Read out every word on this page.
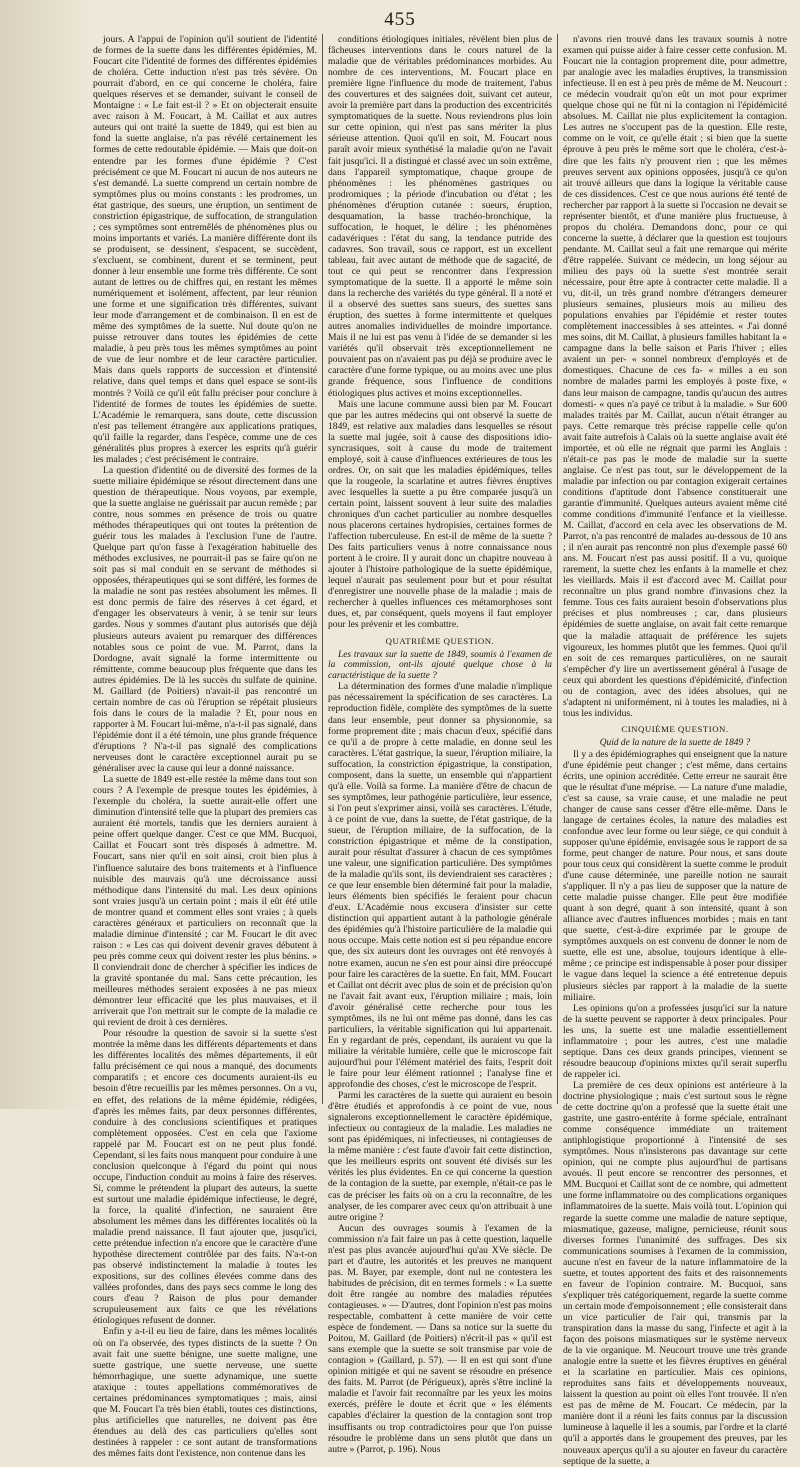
455

jours. A l'appui de l'opinion qu'il soutient de l'identité de formes de la suette dans les différentes épidémies, M. Foucart cite l'identité de formes des différentes épidémies de choléra. Cette induction n'est pas très sévère. On pourrait d'abord, en ce qui concerne le choléra, faire quelques réserves et se demander, suivant le conseil de Montaigne : « Le fait est-il ? » Et on objecterait ensuite avec raison à M. Foucart, à M. Caillat et aux autres auteurs qui ont traité la suette de 1849, qui est bien au fond la suette anglaise, n'a pas révélé certainement les formes de cette redoutable épidémie. — Mais que doit-on entendre par les formes d'une épidémie ? C'est précisément ce que M. Foucart ni aucun de nos auteurs ne s'est demandé. La suette comprend un certain nombre de symptômes plus ou moins constants : les prodromes, un état gastrique, des sueurs, une éruption, un sentiment de constriction épigastrique, de suffocation, de strangulation ; ces symptômes sont entremêlés de phénomènes plus ou moins importants et variés. La manière différente dont ils se produisent, se dessinent, s'espacent, se succèdent, s'excluent, se combinent, durent et se terminent, peut donner à leur ensemble une forme très différente. Ce sont autant de lettres ou de chiffres qui, en restant les mêmes numériquement et isolément, affectent, par leur réunion une forme et une signification très différentes, suivant leur mode d'arrangement et de combinaison. Il en est de même des symptômes de la suette. Nul doute qu'on ne puisse retrouver dans toutes les épidémies de cette maladie, à peu près tous les mêmes symptômes au point de vue de leur nombre et de leur caractère particulier. Mais dans quels rapports de succession et d'intensité relative, dans quel temps et dans quel espace se sont-ils montrés ? Voilà ce qu'il eût fallu préciser pour conclure à l'identité de formes de toutes les épidémies de suette. L'Académie le remarquera, sans doute, cette discussion n'est pas tellement étrangère aux applications pratiques, qu'il faille la regarder, dans l'espèce, comme une de ces généralités plus propres à exercer les esprits qu'à guérir les malades ; c'est précisément le contraire.

La question d'identité ou de diversité des formes de la suette miliaire épidémique se résout directement dans une question de thérapeutique. Nous voyons, par exemple, que la suette anglaise ne guérissait par aucun remède ; par contre, nous sommes en présence de trois ou quatre méthodes thérapeutiques qui ont toutes la prétention de guérir tous les malades à l'exclusion l'une de l'autre. Quelque part qu'on fasse à l'exagération habituelle des méthodes exclusives, ne pourrait-il pas se faire qu'on ne soit pas si mal conduit en se servant de méthodes si opposées, thérapeutiques qui se sont différé, les formes de la maladie ne sont pas restées absolument les mêmes. Il est donc permis de faire des réserves à cet égard, et d'engager les observateurs à venir, à se tenir sur leurs gardes. Nous y sommes d'autant plus autorisés que déjà plusieurs auteurs avaient pu remarquer des différences notables sous ce point de vue. M. Parrot, dans la Dordogne, avait signalé la forme intermittente ou rémittente, comme beaucoup plus fréquente que dans les autres épidémies. De là les succès du sulfate de quinine. M. Gaillard (de Poitiers) n'avait-il pas rencontré un certain nombre de cas où l'éruption se répétait plusieurs fois dans le cours de la maladie ? Et, pour nous en rapporter à M. Foucart lui-même, n'a-t-il pas signalé, dans l'épidémie dont il a été témoin, une plus grande fréquence d'éruptions ? N'a-t-il pas signalé des complications nerveuses dont le caractère exceptionnel aurait pu se généraliser avec la cause qui leur a donné naissance.

La suette de 1849 est-elle restée la même dans tout son cours ? A l'exemple de presque toutes les épidémies, à l'exemple du choléra, la suette aurait-elle offert une diminution d'intensité telle que la plupart des premiers cas auraient été mortels, tandis que les derniers auraient à peine offert quelque danger. C'est ce que MM. Bucquoi, Caillat et Foucart sont très disposés à admettre. M. Foucart, sans nier qu'il en soit ainsi, croit bien plus à l'influence salutaire des bons traitements et à l'influence nuisible des mauvais qu'à une décroissance aussi méthodique dans l'intensité du mal. Les deux opinions sont vraies jusqu'à un certain point ; mais il eût été utile de montrer quand et comment elles sont vraies ; à quels caractères généraux et particuliers on reconnaît que la maladie diminue d'intensité ; car M. Foucart le dit avec raison : « Les cas qui doivent devenir graves débutent à peu près comme ceux qui doivent rester les plus bénins. » Il conviendrait donc de chercher à spécifier les indices de la gravité spontanée du mal. Sans cette précaution, les meilleures méthodes seraient exposées à ne pas mieux démontrer leur efficacité que les plus mauvaises, et il arriverait que l'on mettrait sur le compte de la maladie ce qui revient de droit à ces dernières.

Pour résoudre la question de savoir si la suette s'est montrée la même dans les différents départements et dans les différentes localités des mêmes départements, il eût fallu précisément ce qui nous a manqué, des documents comparatifs ; et encore ces documents auraient-ils eu besoin d'être recueillis par les mêmes personnes. On a vu, en effet, des relations de la même épidémie, rédigées, d'après les mêmes faits, par deux personnes différentes, conduire à des conclusions scientifiques et pratiques complètement opposées. C'est en cela que l'axiome rappelé par M. Foucart est on ne peut plus fondé. Cependant, si les faits nous manquent pour conduire à une conclusion quelconque à l'égard du point qui nous occupe, l'induction conduit au moins à faire des réserves. Si, comme le prétendent la plupart des auteurs, la suette est surtout une maladie épidémique infectieuse, le degré, la force, la qualité d'infection, ne sauraient être absolument les mêmes dans les différentes localités où la maladie prend naissance. Il faut ajouter que, jusqu'ici, cette prétendue infection n'a encore que le caractère d'une hypothèse directement contrôlée par des faits. N'a-t-on pas observé indistinctement la maladie à toutes les expositions, sur des collines élevées comme dans des vallées profondes, dans des pays secs comme le long des cours d'eau ? Raison de plus pour demander scrupuleusement aux faits ce que les révélations étiologiques refusent de donner.

Enfin y a-t-il eu lieu de faire, dans les mêmes localités où on l'a observée, des types distincts de la suette ? On avait fait une suette bénigne, une suette maligne, une suette gastrique, une suette nerveuse, une suette hémorrhagique, une suette adynamique, une suette ataxique : toutes appellations commémoratives de certaines prédominances symptomatiques ; mais, ainsi que M. Foucart l'a très bien établi, toutes ces distinctions, plus artificielles que naturelles, ne doivent pas être étendues au delà des cas particuliers qu'elles sont destinées à rappeler : ce sont autant de transformations des mêmes faits dont l'existence, non contenue dans les

conditions étiologiques initiales, révèlent bien plus de fâcheuses interventions dans le cours naturel de la maladie que de véritables prédominances morbides. Au nombre de ces interventions, M. Foucart place en première ligne l'influence du mode de traitement, l'abus des couvertures et des saignées doit, suivant cet auteur, avoir la première part dans la production des excentricités symptomatiques de la suette. Nous reviendrons plus loin sur cette opinion, qui n'est pas sans mériter la plus sérieuse attention. Quoi qu'il en soit, M. Foucart nous paraît avoir mieux synthétisé la maladie qu'on ne l'avait fait jusqu'ici. Il a distingué et classé avec un soin extrême, dans l'appareil symptomatique, chaque groupe de phénomènes : les phénomènes gastriques ou prodromiques ; la période d'incubation ou d'état ; les phénomènes d'éruption cutanée : sueurs, éruption, desquamation, la basse trachéo-bronchique, la suffocation, le hoquet, le délire ; les phénomènes cadavériques : l'état du sang, la tendance putride des cadavres. Son travail, sous ce rapport, est un excellent tableau, fait avec autant de méthode que de sagacité, de tout ce qui peut se rencontrer dans l'expression symptomatique de la suette. Il a apporté le même soin dans la recherche des variétés du type général. Il a noté et il a observé des suettes sans sueurs, des suettes sans éruption, des suettes à forme intermittente et quelques autres anomalies individuelles de moindre importance. Mais il ne lui est pas venu à l'idée de se demander si les variétés qu'il observait très exceptionnellement ne pouvaient pas on n'avaient pas pu déjà se produire avec le caractère d'une forme typique, ou au moins avec une plus grande fréquence, sous l'influence de conditions étiologiques plus actives et moins exceptionnelles.

Mais une lacune commune aussi bien par M. Foucart que par les autres médecins qui ont observé la suette de 1849, est relative aux maladies dans lesquelles se résout la suette mal jugée, soit à cause des dispositions idio-syncrasiques, soit à cause du mode de traitement employé, soit à cause d'influences extérieures de tous les ordres. Or, on sait que les maladies épidémiques, telles que la rougeole, la scarlatine et autres fièvres éruptives avec lesquelles la suette a pu être comparée jusqu'à un certain point, laissent souvent à leur suite des maladies chroniques d'un cachet particulier au nombre desquelles nous placerons certaines hydropisies, certaines formes de l'affection tuberculeuse. En est-il de même de la suette ? Des faits particuliers venus à notre connaissance nous portent à le croire. Il y aurait donc un chapitre nouveau à ajouter à l'histoire pathologique de la suette épidémique, lequel n'aurait pas seulement pour but et pour résultat d'enregistrer une nouvelle phase de la maladie ; mais de rechercher à quelles influences ces métamorphoses sont dues, et, par conséquent, quels moyens il faut employer pour les prévenir et les combattre.

QUATRIÈME QUESTION.

Les travaux sur la suette de 1849, soumis à l'examen de la commission, ont-ils ajouté quelque chose à la caractéristique de la suette ?

La détermination des formes d'une maladie n'implique pas nécessairement la spécification de ses caractères. La reproduction fidèle, complète des symptômes de la suette dans leur ensemble, peut donner sa physionomie, sa forme proprement dite ; mais chacun d'eux, spécifié dans ce qu'il a de propre à cette maladie, en donne seul les caractères. L'état gastrique, la sueur, l'éruption miliaire, la suffocation, la constriction épigastrique, la constipation, composent, dans la suette, un ensemble qui n'appartient qu'à elle. Voilà sa forme. La manière d'être de chacun de ses symptômes, leur pathogénie particulière, leur essence, si l'on peut s'exprimer ainsi, voilà ses caractères. L'étude, à ce point de vue, dans la suette, de l'état gastrique, de la sueur, de l'éruption miliaire, de la suffocation, de la constriction épigastrique et même de la constipation, aurait pour résultat d'assurer à chacun de ces symptômes une valeur, une signification particulière. Des symptômes de la maladie qu'ils sont, ils deviendraient ses caractères ; ce que leur ensemble bien déterminé fait pour la maladie, leurs éléments bien spécifiés le feraient pour chacun d'eux. L'Académie nous excusera d'insister sur cette distinction qui appartient autant à la pathologie générale des épidémies qu'à l'histoire particulière de la maladie qui nous occupe. Mais cette notion est si peu répandue encore que, des six auteurs dont les ouvrages ont été renvoyés à notre examen, aucun ne s'en est pour ainsi dire préoccupé pour faire les caractères de la suette. En fait, MM. Foucart et Caillat ont décrit avec plus de soin et de précision qu'on ne l'avait fait avant eux, l'éruption miliaire ; mais, loin d'avoir généralisé cette recherche pour tous les symptômes, ils ne lui ont même pas donné, dans les cas particuliers, la véritable signification qui lui appartenait. En y regardant de près, cependant, ils auraient vu que la miliaire la véritable lumière, celle que le microscope fait aujourd'hui pour l'élément matériel des faits, l'esprit doit le faire pour leur élément rationnel ; l'analyse fine et approfondie des choses, c'est le microscope de l'esprit.

Parmi les caractères de la suette qui auraient eu besoin d'être étudiés et approfondis à ce point de vue, nous signalerons exceptionnellement le caractère épidémique, infectieux ou contagieux de la maladie. Les maladies ne sont pas épidémiques, ni infectieuses, ni contagieuses de la même manière : c'est faute d'avoir fait cette distinction, que les meilleurs esprits ont souvent été divisés sur les vérités les plus évidentes. En ce qui concerne la question de la contagion de la suette, par exemple, n'était-ce pas le cas de préciser les faits où on a cru la reconnaître, de les analyser, de les comparer avec ceux qu'on attribuait à une autre origine ?

Aucun des ouvrages soumis à l'examen de la commission n'a fait faire un pas à cette question, laquelle n'est pas plus avancée aujourd'hui qu'au XVe siècle. De part et d'autre, les autorités et les preuves ne manquent pas. M. Bayer, par exemple, dont nul ne contestera les habitudes de précision, dit en termes formels : « La suette doit être rangée au nombre des maladies réputées contagieuses. » — D'autres, dont l'opinion n'est pas moins respectable, combattent à cette manière de voir cette espèce de fondement. — Dans sa notice sur la suette du Poitou, M. Gaillard (de Poitiers) n'écrit-il pas « qu'il est sans exemple que la suette se soit transmise par voie de contagion » (Gaillard, p. 57). — Il en est qui sont d'une opinion mitigée et qui ne savent se résoudre en présence des faits. M. Parrot (de Périgueux), après s'être incliné la maladie et l'avoir fait reconnaître par les yeux les moins exercés, préfère le doute et écrit que « les éléments capables d'éclairer la question de la contagion sont trop insuffisants ou trop contradictoires pour que l'on puisse résoudre le problème dans un sens plutôt que dans un autre » (Parrot, p. 196). Nous

n'avons rien trouvé dans les travaux soumis à notre examen qui puisse aider à faire cesser cette confusion. M. Foucart nie la contagion proprement dite, pour admettre, par analogie avec les maladies éruptives, la transmission infectieuse. Il en est à peu près de même de M. Neucourt : ce médecin voudrait qu'on eût un mot pour exprimer quelque chose qui ne fût ni la contagion ni l'épidémicité absolues. M. Caillat nie plus explicitement la contagion. Les autres ne s'occupent pas de la question. Elle reste, comme on le voit, ce qu'elle était ; si bien que la suette éprouve à peu près le même sort que le choléra, c'est-à-dire que les faits n'y prouvent rien ; que les mêmes preuves servent aux opinions opposées, jusqu'à ce qu'on ait trouvé ailleurs que dans la logique la véritable cause de ces dissidences. C'est ce que nous aurions été tenté de rechercher par rapport à la suette si l'occasion ne devait se représenter bientôt, et d'une manière plus fructueuse, à propos du choléra. Demandons donc, pour ce qui concerne la suette, à déclarer que la question est toujours pendante. M. Caillat seul a fait une remarque qui mérite d'être rappelée. Suivant ce médecin, un long séjour au milieu des pays où la suette s'est montrée serait nécessaire, pour être apte à contracter cette maladie. Il a vu, dit-il, un très grand nombre d'étrangers demeurer plusieurs semaines, plusieurs mois au milieu des populations envahies par l'épidémie et rester toutes complètement inaccessibles à ses atteintes. « J'ai donné mes soins, dit M. Caillat, à plusieurs familles habitant la « campagne dans la belle saison et Paris l'hiver ; elles avaient un per- « sonnel nombreux d'employés et de domestiques. Chacune de ces fa- « milles a eu son nombre de malades parmi les employés à poste fixe, « dans leur maison de campagne, tandis qu'aucun des autres domesti- « ques n'a payé ce tribut à la maladie. » Sur 600 malades traités par M. Caillat, aucun n'était étranger au pays. Cette remarque très précise rappelle celle qu'on avait faite autrefois à Calais où la suette anglaise avait été importée, et où elle ne régnait que parmi les Anglais : n'était-ce pas pas le mode de maladie sur la suette anglaise. Ce n'est pas tout, sur le développement de la maladie par infection ou par contagion exigerait certaines conditions d'aptitude dont l'absence constituerait une garantie d'immunité. Quelques auteurs avaient même cité comme conditions d'immunité l'enfance et la vieillesse. M. Caillat, d'accord en cela avec les observations de M. Parrot, n'a pas rencontré de malades au-dessous de 10 ans ; il n'en aurait pas rencontré non plus d'exemple passé 60 ans. M. Foucart n'est pas aussi positif. Il a vu, quoique rarement, la suette chez les enfants à la mamelle et chez les vieillards. Mais il est d'accord avec M. Caillat pour reconnaître un plus grand nombre d'invasions chez la femme. Tous ces faits auraient besoin d'observations plus précises et plus nombreuses ; car, dans plusieurs épidémies de suette anglaise, on avait fait cette remarque que la maladie attaquait de préférence les sujets vigoureux, les hommes plutôt que les femmes. Quoi qu'il en soit de ces remarques particulières, on ne saurait s'empêcher d'y lire un avertissement général à l'usage de ceux qui abordent les questions d'épidémicité, d'infection ou de contagion, avec des idées absolues, qui ne s'adaptent ni uniformément, ni à toutes les maladies, ni à tous les individus.

CINQUIÈME QUESTION.

Quid de la nature de la suette de 1849 ?

Il y a des épidémiographes qui enseignent que la nature d'une épidémie peut changer ; c'est même, dans certains écrits, une opinion accréditée. Cette erreur ne saurait être que le résultat d'une méprise. — La nature d'une maladie, c'est sa cause, sa vraie cause, et une maladie ne peut changer de cause sans cesser d'être elle-même. Dans le langage de certaines écoles, la nature des maladies est confondue avec leur forme ou leur siège, ce qui conduit à supposer qu'une épidémie, envisagée sous le rapport de sa forme, peut changer de nature. Pour nous, et sans doute pour tous ceux qui considèrent la suette comme le produit d'une cause déterminée, une pareille notion ne saurait s'appliquer. Il n'y a pas lieu de supposer que la nature de cette maladie puisse changer. Elle peut être modifiée quant à son degré, quant à son intensité, quant à son alliance avec d'autres influences morbides ; mais en tant que suette, c'est-à-dire exprimée par le groupe de symptômes auxquels on est convenu de donner le nom de suette, elle est une, absolue, toujours identique à elle-même ; ce principe est indispensable à poser pour dissiper le vague dans lequel la science a été entretenue depuis plusieurs siècles par rapport à la maladie de la suette miliaire.

Les opinions qu'on a professées jusqu'ici sur la nature de la suette peuvent se rapporter à deux principales. Pour les uns, la suette est une maladie essentiellement inflammatoire ; pour les autres, c'est une maladie septique. Dans ces deux grands principes, viennent se résoudre beaucoup d'opinions mixtes qu'il serait superflu de rappeler ici.

La première de ces deux opinions est antérieure à la doctrine physiologique ; mais c'est surtout sous le règne de cette doctrine qu'on a professé que la suette était une gastrite, une gastro-entérite à forme spéciale, entraînant comme conséquence immédiate un traitement antiphlogistique proportionné à l'intensité de ses symptômes. Nous n'insisterons pas davantage sur cette opinion, qui ne compte plus aujourd'hui de partisans avoués. Il peut encore se rencontrer des personnes, et MM. Bucquoi et Caillat sont de ce nombre, qui admettent une forme inflammatoire ou des complications organiques inflammatoires de la suette. Mais voilà tout. L'opinion qui regarde la suette comme une maladie de nature septique, miasmatique, gazeuse, maligne, pernicieuse, réunit sous diverses formes l'unanimité des suffrages. Des six communications soumises à l'examen de la commission, aucune n'est en faveur de la nature inflammatoire de la suette, et toutes apportent des faits et des raisonnements en faveur de l'opinion contraire. M. Bucquoi, sans s'expliquer très catégoriquement, regarde la suette comme un certain mode d'empoisonnement ; elle consisterait dans un vice particulier de l'air qui, transmis par la transpiration dans la masse du sang, l'infecte et agit à la façon des poisons miasmatiques sur le système nerveux de la vie organique. M. Neucourt trouve une très grande analogie entre la suette et les fièvres éruptives en général et la scarlatine en particulier. Mais ces opinions, reproduites sans faits et développements nouveaux, laissent la question au point où elles l'ont trouvée. Il n'en est pas de même de M. Foucart. Ce médecin, par la manière dont il a réuni les faits connus par la discussion lumineuse à laquelle il les a soumis, par l'ordre et la clarté qu'il a apportés dans le groupement des preuves, par les nouveaux aperçus qu'il a su ajouter en faveur du caractère septique de la suette, a
